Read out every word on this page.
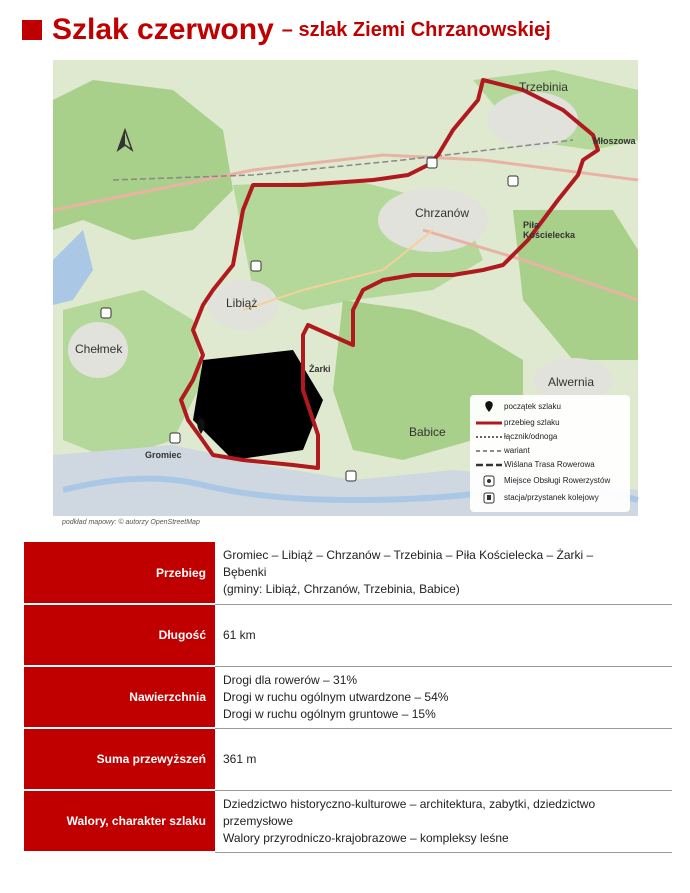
Szlak czerwony – szlak Ziemi Chrzanowskiej
Trzebinia
Młoszowa
Chrzanów
Piła Kościelecka
Libiąż
Chełmek
Żarki
Alwernia
Babice
Gromiec
początek szlaku
przebieg szlaku
łącznik/odnoga
wariant
Wiślana Trasa Rowerowa
Miejsce Obsługi Rowerzystów
stacja/przystanek kolejowy
podkład mapowy: © autorzy OpenStreetMap
Przebieg	Gromiec – Libiąż – Chrzanów – Trzebinia – Piła Kościelecka – Żarki –
Bębenki
(gminy: Libiąż, Chrzanów, Trzebinia, Babice)

Długość	61 km

Nawierzchnia	Drogi dla rowerów – 31%
Drogi w ruchu ogólnym utwardzone – 54%
Drogi w ruchu ogólnym gruntowe – 15%

Suma przewyższeń	361 m

Walory, charakter szlaku	Dziedzictwo historyczno-kulturowe – architektura, zabytki, dziedzictwo
przemysłowe
Walory przyrodniczo-krajobrazowe – kompleksy leśne
